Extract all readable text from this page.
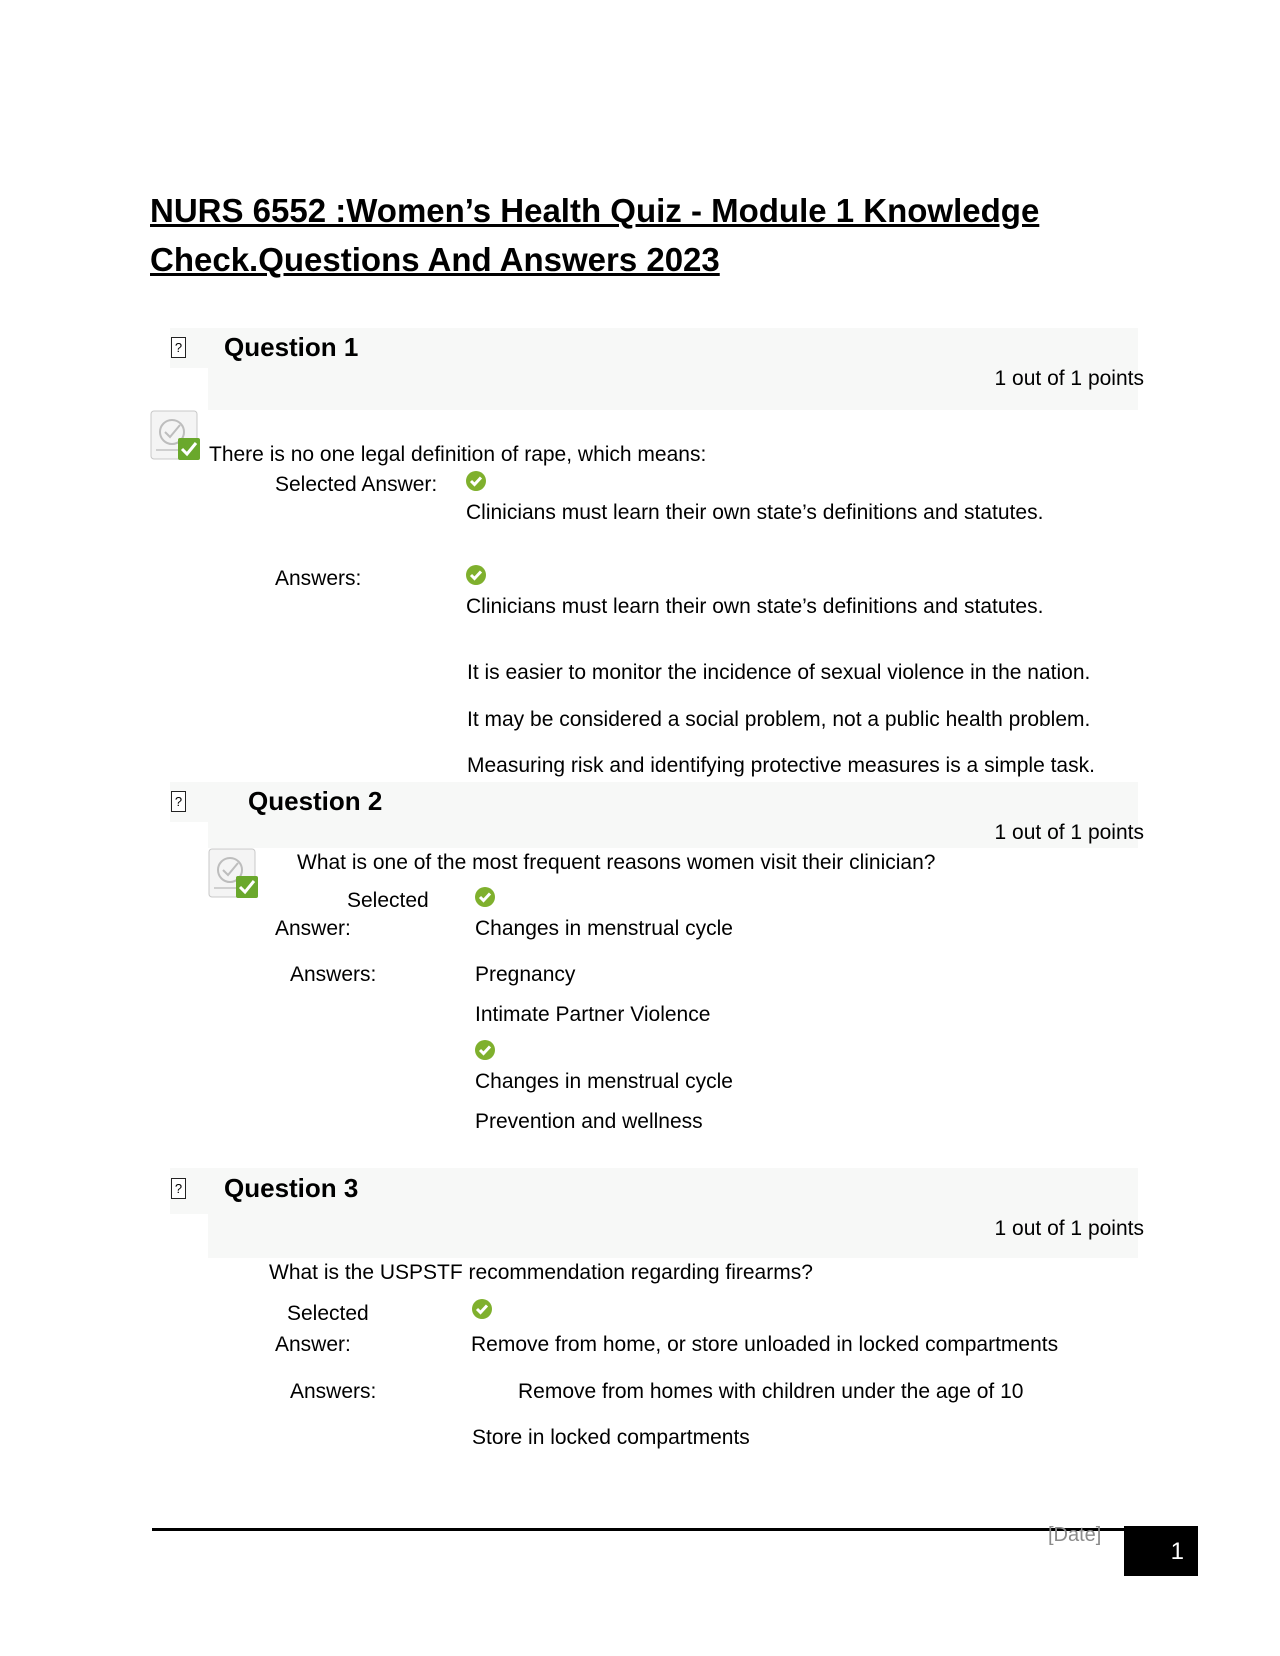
NURS 6552 :Women’s Health Quiz - Module 1 Knowledge
Check.Questions And Answers 2023
? Question 1
1 out of 1 points
There is no one legal definition of rape, which means:
Selected Answer:
Clinicians must learn their own state’s definitions and statutes.
Answers:
Clinicians must learn their own state’s definitions and statutes.
It is easier to monitor the incidence of sexual violence in the nation.
It may be considered a social problem, not a public health problem.
Measuring risk and identifying protective measures is a simple task.
?	Question 2
1 out of 1 points
What is one of the most frequent reasons women visit their clinician?
Selected
Answer:	Changes in menstrual cycle
Answers:	Pregnancy
Intimate Partner Violence
Changes in menstrual cycle
Prevention and wellness
? Question 3
1 out of 1 points
What is the USPSTF recommendation regarding firearms?
Selected
Answer:	Remove from home, or store unloaded in locked compartments
Answers:	Remove from homes with children under the age of 10
Store in locked compartments
[Date]
1
